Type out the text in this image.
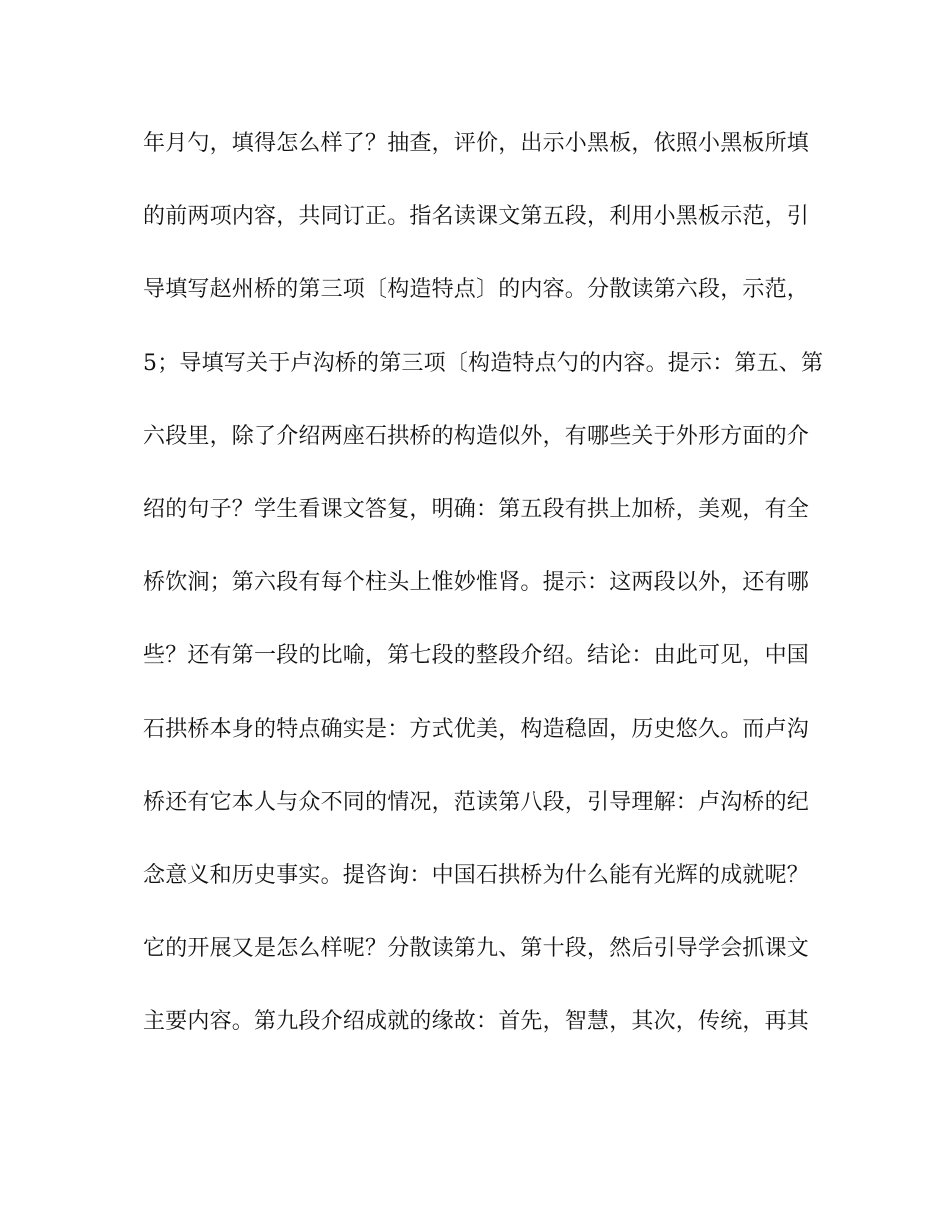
年月勺，填得怎么样了？抽查，评价，出示小黑板，依照小黑板所填
的前两项内容，共同订正。指名读课文第五段，利用小黑板示范，引
导填写赵州桥的第三项〔构造特点〕的内容。分散读第六段，示范，
5；导填写关于卢沟桥的第三项〔构造特点勺的内容。提示：第五、第
六段里，除了介绍两座石拱桥的构造似外，有哪些关于外形方面的介
绍的句子？学生看课文答复，明确：第五段有拱上加桥，美观，有全
桥饮涧；第六段有每个柱头上惟妙惟肾。提示：这两段以外，还有哪
些？还有第一段的比喻，第七段的整段介绍。结论：由此可见，中国
石拱桥本身的特点确实是：方式优美，构造稳固，历史悠久。而卢沟
桥还有它本人与众不同的情况，范读第八段，引导理解：卢沟桥的纪
念意义和历史事实。提咨询：中国石拱桥为什么能有光辉的成就呢？
它的开展又是怎么样呢？分散读第九、第十段，然后引导学会抓课文
主要内容。第九段介绍成就的缘故：首先，智慧，其次，传统，再其
